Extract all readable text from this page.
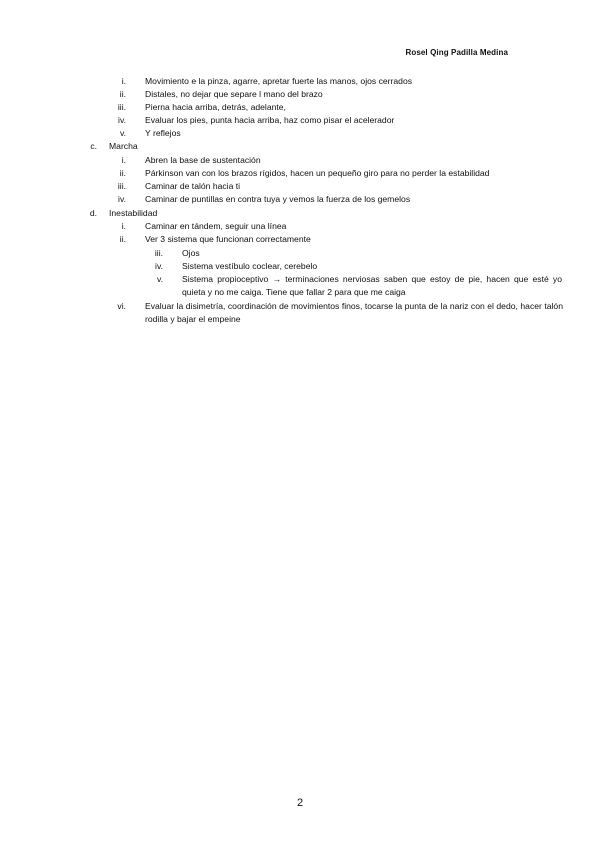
Rosel Qing Padilla Medina
i. Movimiento e la pinza, agarre, apretar fuerte las manos, ojos cerrados
ii. Distales, no dejar que separe l mano del brazo
iii. Pierna hacia arriba, detrás, adelante,
iv. Evaluar los pies, punta hacia arriba, haz como pisar el acelerador
v. Y reflejos
c. Marcha
i. Abren la base de sustentación
ii. Párkinson van con los brazos rígidos, hacen un pequeño giro para no perder la estabilidad
iii. Caminar de talón hacia ti
iv. Caminar de puntillas en contra tuya y vemos la fuerza de los gemelos
d. Inestabilidad
i. Caminar en tándem, seguir una línea
ii. Ver 3 sistema que funcionan correctamente
iii. Ojos
iv. Sistema vestíbulo coclear, cerebelo
v. Sistema propioceptivo → terminaciones nerviosas saben que estoy de pie, hacen que esté yo quieta y no me caiga. Tiene que fallar 2 para que me caiga
vi. Evaluar la disimetría, coordinación de movimientos finos, tocarse la punta de la nariz con el dedo, hacer talón rodilla y bajar el empeine
2
